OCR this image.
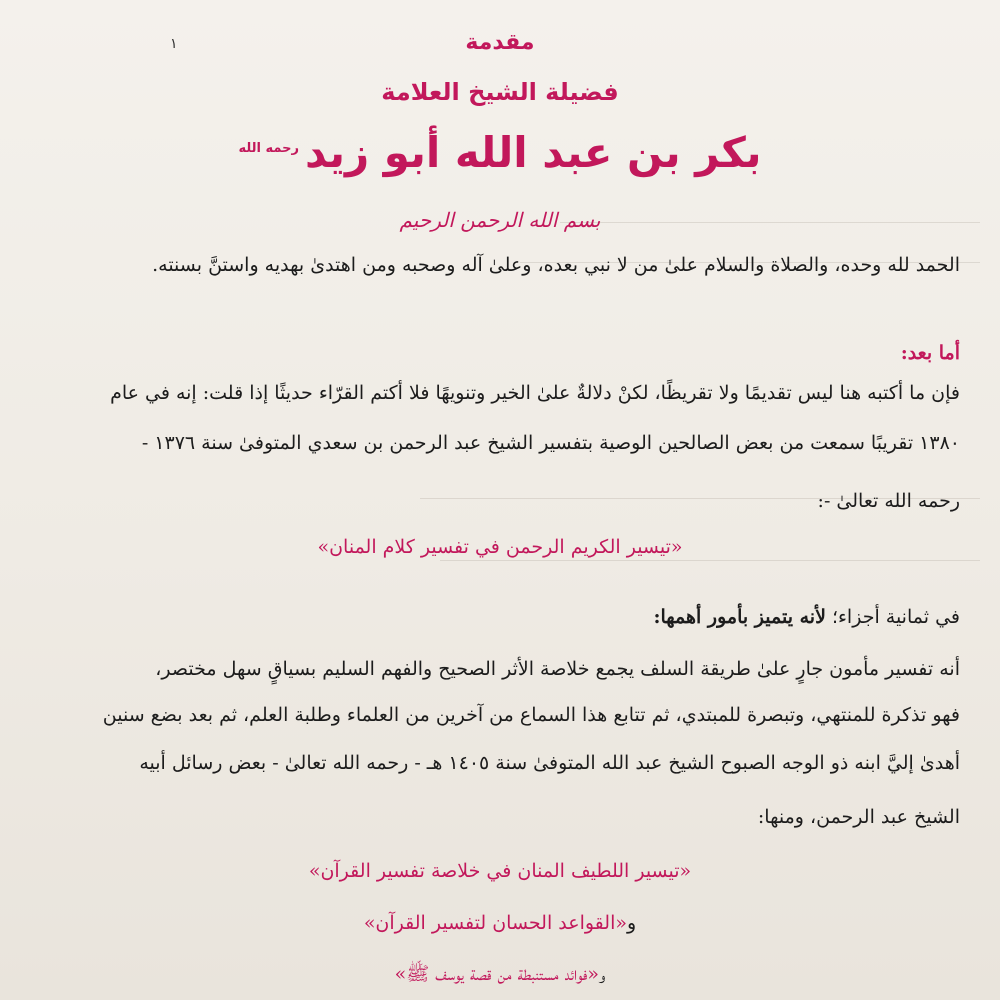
١	مقدمة
فضيلة الشيخ العلامة
بكر بن عبد الله أبو زيد$^{رحمه الله}$
بسم الله الرحمن الرحيم
الحمد لله وحده، والصلاة والسلام علىٰ من لا نبي بعده، وعلىٰ آله وصحبه ومن اهتدىٰ بهديه واستنَّ بسنته.
أما بعد:
فإن ما أكتبه هنا ليس تقديمًا ولا تقريظًا، لكنْ دلالةٌ علىٰ الخير وتنويهًا فلا أكتم القرّاء حديثًا إذا قلت: إنه في عام
١٣٨٠ تقريبًا سمعت من بعض الصالحين الوصية بتفسير الشيخ عبد الرحمن بن سعدي المتوفىٰ سنة ١٣٧٦ -
رحمه الله تعالىٰ -:
«تيسير الكريم الرحمن في تفسير كلام المنان»
في ثمانية أجزاء؛ لأنه يتميز بأمور أهمها:
أنه تفسير مأمون جارٍ علىٰ طريقة السلف يجمع خلاصة الأثر الصحيح والفهم السليم بسياقٍ سهل مختصر،
فهو تذكرة للمنتهي، وتبصرة للمبتدي، ثم تتابع هذا السماع من آخرين من العلماء وطلبة العلم، ثم بعد بضع سنين
أهدىٰ إليَّ ابنه ذو الوجه الصبوح الشيخ عبد الله المتوفىٰ سنة ١٤٠٥ هـ - رحمه الله تعالىٰ - بعض رسائل أبيه
الشيخ عبد الرحمن، ومنها:
«تيسير اللطيف المنان في خلاصة تفسير القرآن»
و«القواعد الحسان لتفسير القرآن»
و«فوائد مستنبطة من قصة يوسف ﷺ»
